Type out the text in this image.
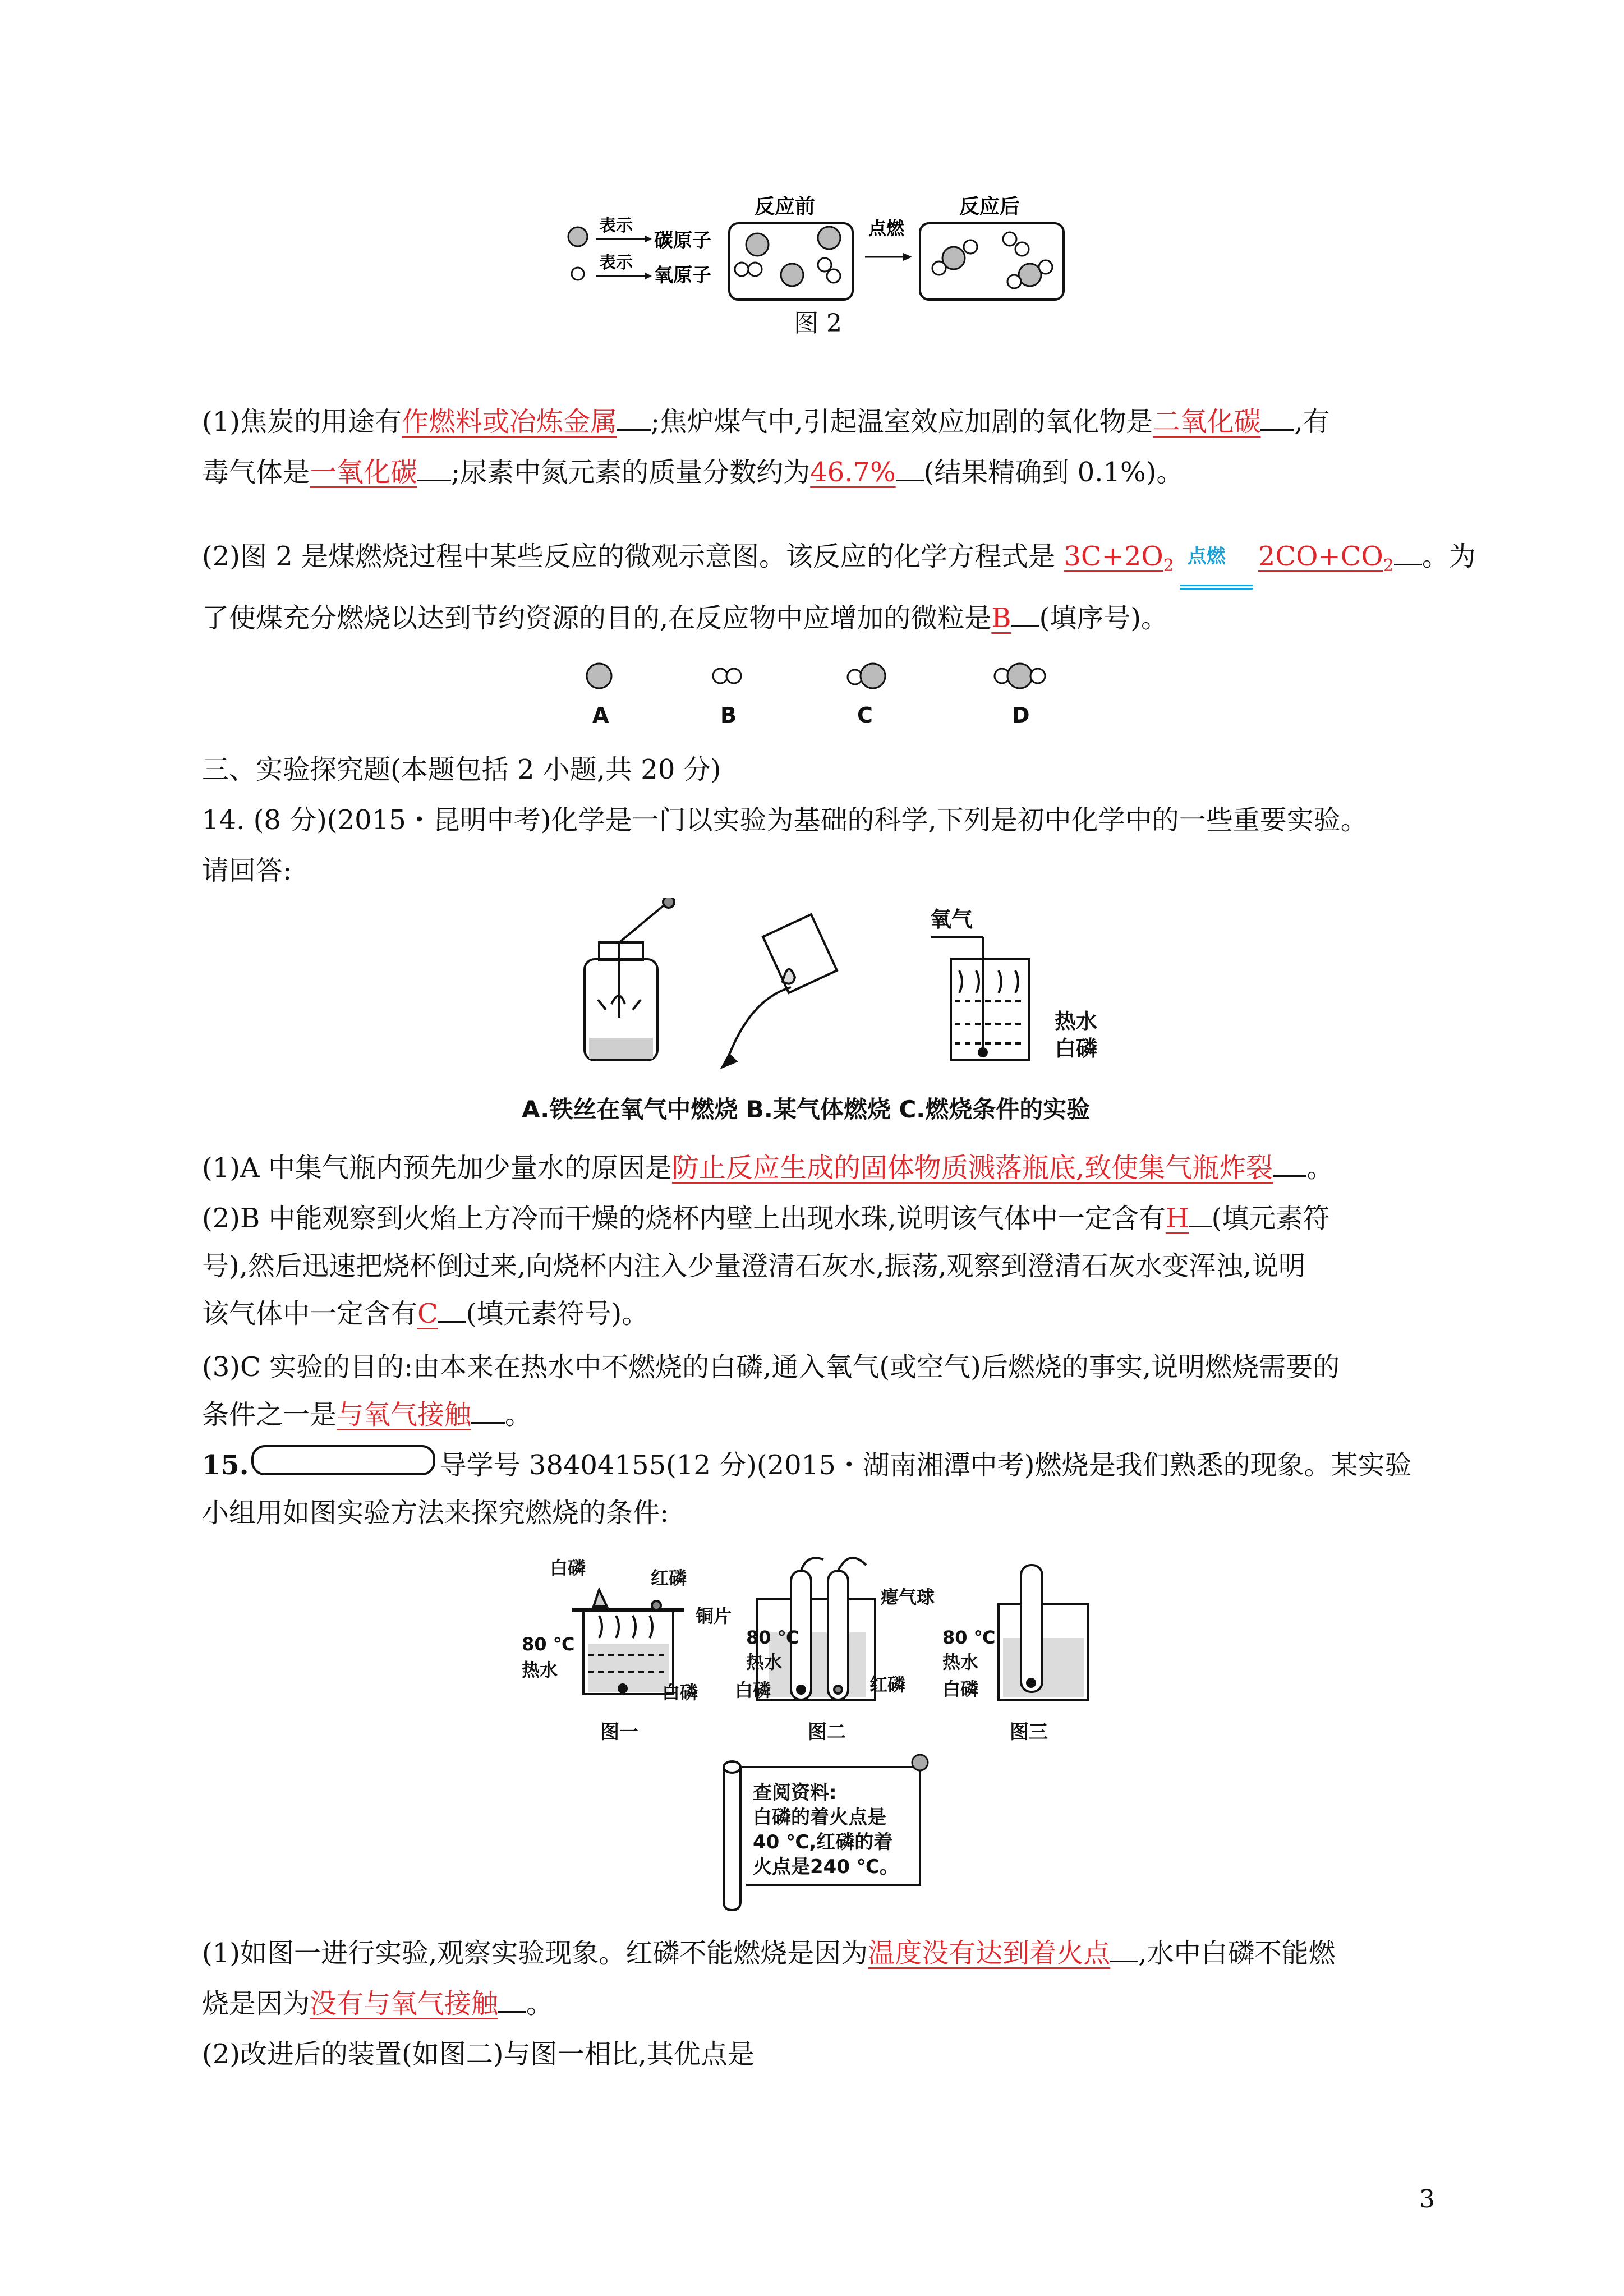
表示
表示
碳原子
氧原子
反应前
点燃
反应后
图 2
(1)焦炭的用途有作燃料或冶炼金属 ;焦炉煤气中,引起温室效应加剧的氧化物是二氧化碳 ,有
毒气体是一氧化碳 ;尿素中氮元素的质量分数约为46.7% (结果精确到 0.1%)。
(2)图 2 是煤燃烧过程中某些反应的微观示意图。该反应的化学方程式是 $3C+2O_2$ 点燃 $2CO+CO_2$ 。为
了使煤充分燃烧以达到节约资源的目的,在反应物中应增加的微粒是B (填序号)。
A	B	C	D
三、实验探究题(本题包括 2 小题,共 20 分)
14. (8 分)(2015・昆明中考)化学是一门以实验为基础的科学,下列是初中化学中的一些重要实验。
请回答:
氧气
热水
白磷
A.铁丝在氧气中燃烧 B.某气体燃烧 C.燃烧条件的实验
(1)A 中集气瓶内预先加少量水的原因是防止反应生成的固体物质溅落瓶底,致使集气瓶炸裂 。
(2)B 中能观察到火焰上方冷而干燥的烧杯内壁上出现水珠,说明该气体中一定含有H (填元素符
号),然后迅速把烧杯倒过来,向烧杯内注入少量澄清石灰水,振荡,观察到澄清石灰水变浑浊,说明
该气体中一定含有C (填元素符号)。
(3)C 实验的目的:由本来在热水中不燃烧的白磷,通入氧气(或空气)后燃烧的事实,说明燃烧需要的
条件之一是与氧气接触 。
15.	导学号 38404155(12 分)(2015・湖南湘潭中考)燃烧是我们熟悉的现象。某实验
小组用如图实验方法来探究燃烧的条件:
白磷	红磷
铜片
80 ℃
热水
白磷
图一
瘪气球
80 ℃
热水
白磷	红磷
图二
80 ℃
热水
白磷
图三
查阅资料:
白磷的着火点是
40 ℃,红磷的着
火点是240 ℃。
(1)如图一进行实验,观察实验现象。红磷不能燃烧是因为温度没有达到着火点 ,水中白磷不能燃
烧是因为没有与氧气接触 。
(2)改进后的装置(如图二)与图一相比,其优点是
3
